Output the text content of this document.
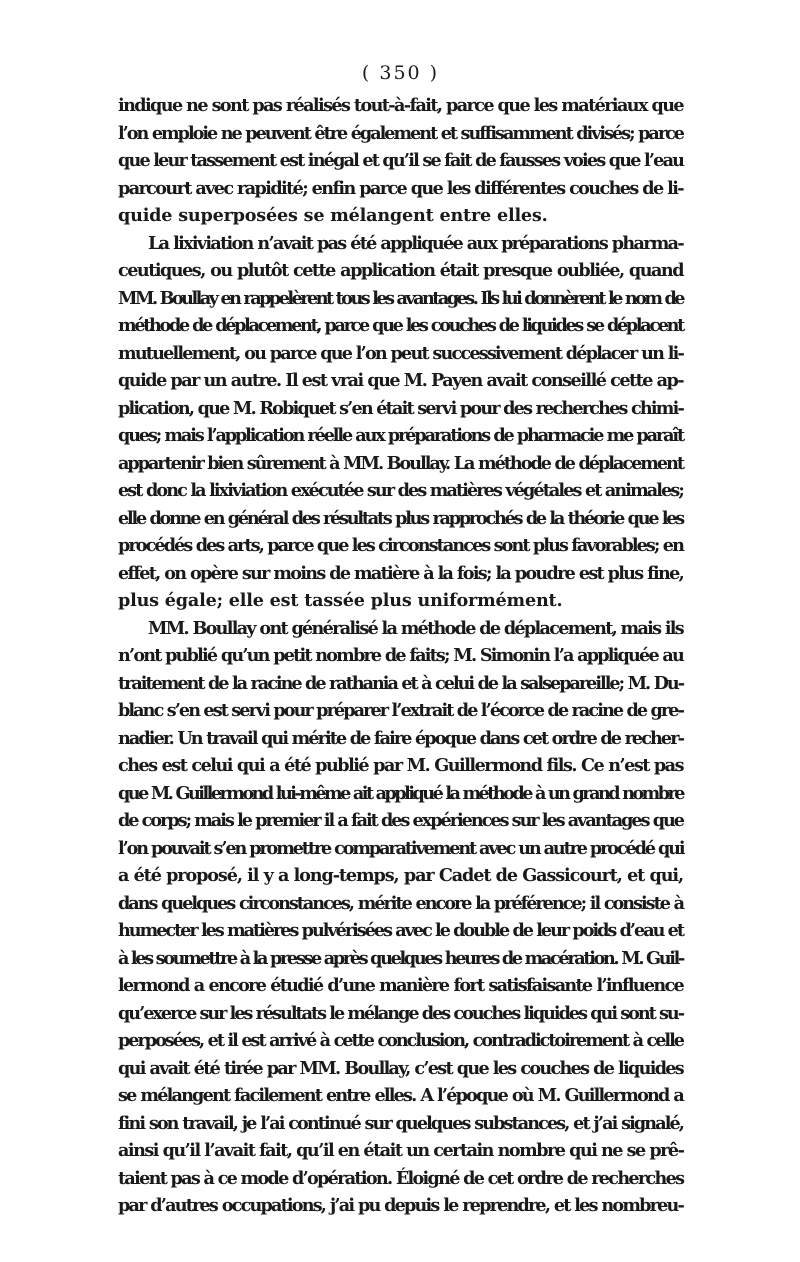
( 350 )
indique ne sont pas réalisés tout-à-fait, parce que les matériaux que
l’on emploie ne peuvent être également et suffisamment divisés; parce
que leur tassement est inégal et qu’il se fait de fausses voies que l’eau
parcourt avec rapidité; enfin parce que les différentes couches de li-
quide superposées se mélangent entre elles.
La lixiviation n’avait pas été appliquée aux préparations pharma-
ceutiques, ou plutôt cette application était presque oubliée, quand
MM. Boullay en rappelèrent tous les avantages. Ils lui donnèrent le nom de
méthode de déplacement, parce que les couches de liquides se déplacent
mutuellement, ou parce que l’on peut successivement déplacer un li-
quide par un autre. Il est vrai que M. Payen avait conseillé cette ap-
plication, que M. Robiquet s’en était servi pour des recherches chimi-
ques; mais l’application réelle aux préparations de pharmacie me paraît
appartenir bien sûrement à MM. Boullay. La méthode de déplacement
est donc la lixiviation exécutée sur des matières végétales et animales;
elle donne en général des résultats plus rapprochés de la théorie que les
procédés des arts, parce que les circonstances sont plus favorables; en
effet, on opère sur moins de matière à la fois; la poudre est plus fine,
plus égale; elle est tassée plus uniformément.
MM. Boullay ont généralisé la méthode de déplacement, mais ils
n’ont publié qu’un petit nombre de faits; M. Simonin l’a appliquée au
traitement de la racine de rathania et à celui de la salsepareille; M. Du-
blanc s’en est servi pour préparer l’extrait de l’écorce de racine de gre-
nadier. Un travail qui mérite de faire époque dans cet ordre de recher-
ches est celui qui a été publié par M. Guillermond fils. Ce n’est pas
que M. Guillermond lui-même ait appliqué la méthode à un grand nombre
de corps; mais le premier il a fait des expériences sur les avantages que
l’on pouvait s’en promettre comparativement avec un autre procédé qui
a été proposé, il y a long-temps, par Cadet de Gassicourt, et qui,
dans quelques circonstances, mérite encore la préférence; il consiste à
humecter les matières pulvérisées avec le double de leur poids d’eau et
à les soumettre à la presse après quelques heures de macération. M. Guil-
lermond a encore étudié d’une manière fort satisfaisante l’influence
qu’exerce sur les résultats le mélange des couches liquides qui sont su-
perposées, et il est arrivé à cette conclusion, contradictoirement à celle
qui avait été tirée par MM. Boullay, c’est que les couches de liquides
se mélangent facilement entre elles. A l’époque où M. Guillermond a
fini son travail, je l’ai continué sur quelques substances, et j’ai signalé,
ainsi qu’il l’avait fait, qu’il en était un certain nombre qui ne se prê-
taient pas à ce mode d’opération. Éloigné de cet ordre de recherches
par d’autres occupations, j’ai pu depuis le reprendre, et les nombreu-
